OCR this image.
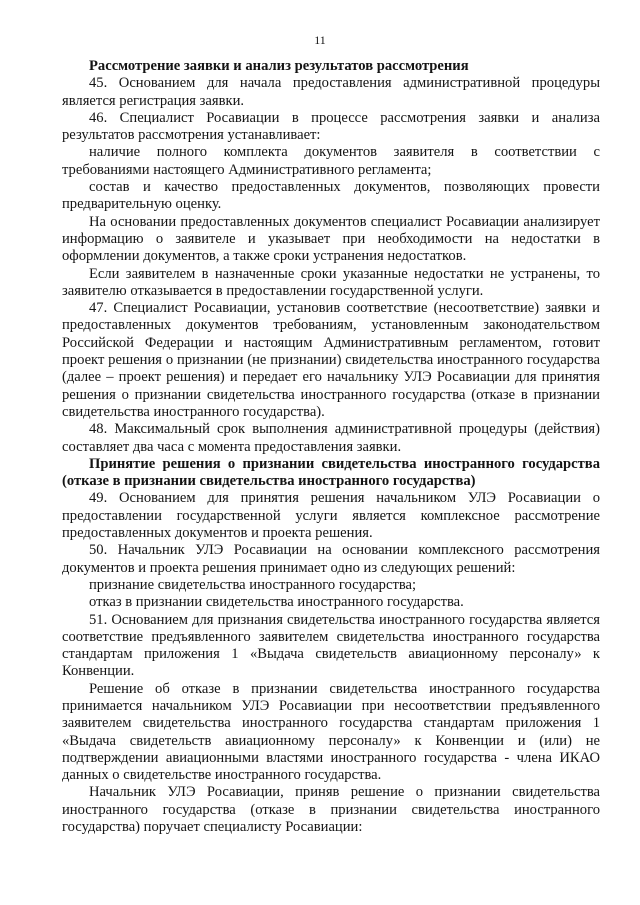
11

Рассмотрение заявки и анализ результатов рассмотрения

45. Основанием для начала предоставления административной процедуры является регистрация заявки.

46. Специалист Росавиации в процессе рассмотрения заявки и анализа результатов рассмотрения устанавливает:

наличие полного комплекта документов заявителя в соответствии с требованиями настоящего Административного регламента;

состав и качество предоставленных документов, позволяющих провести предварительную оценку.

На основании предоставленных документов специалист Росавиации анализирует информацию о заявителе и указывает при необходимости на недостатки в оформлении документов, а также сроки устранения недостатков.

Если заявителем в назначенные сроки указанные недостатки не устранены, то заявителю отказывается в предоставлении государственной услуги.

47. Специалист Росавиации, установив соответствие (несоответствие) заявки и предоставленных документов требованиям, установленным законодательством Российской Федерации и настоящим Административным регламентом, готовит проект решения о признании (не признании) свидетельства иностранного государства (далее – проект решения) и передает его начальнику УЛЭ Росавиации для принятия решения о признании свидетельства иностранного государства (отказе в признании свидетельства иностранного государства).

48. Максимальный срок выполнения административной процедуры (действия) составляет два часа с момента предоставления заявки.

Принятие решения о признании свидетельства иностранного государства (отказе в признании свидетельства иностранного государства)

49. Основанием для принятия решения начальником УЛЭ Росавиации о предоставлении государственной услуги является комплексное рассмотрение предоставленных документов и проекта решения.

50. Начальник УЛЭ Росавиации на основании комплексного рассмотрения документов и проекта решения принимает одно из следующих решений:

признание свидетельства иностранного государства;

отказ в признании свидетельства иностранного государства.

51. Основанием для признания свидетельства иностранного государства является соответствие предъявленного заявителем свидетельства иностранного государства стандартам приложения 1 «Выдача свидетельств авиационному персоналу» к Конвенции.

Решение об отказе в признании свидетельства иностранного государства принимается начальником УЛЭ Росавиации при несоответствии предъявленного заявителем свидетельства иностранного государства стандартам приложения 1 «Выдача свидетельств авиационному персоналу» к Конвенции и (или) не подтверждении авиационными властями иностранного государства - члена ИКАО данных о свидетельстве иностранного государства.

Начальник УЛЭ Росавиации, приняв решение о признании свидетельства иностранного государства (отказе в признании свидетельства иностранного государства) поручает специалисту Росавиации:
